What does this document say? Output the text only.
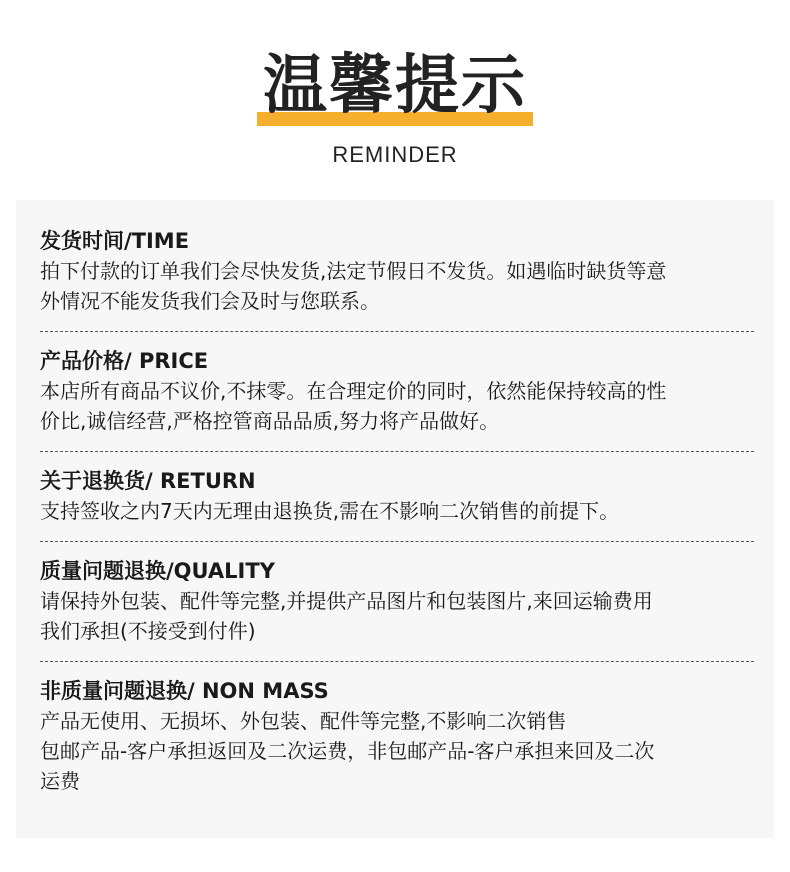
温馨提示
REMINDER
发货时间/TIME
拍下付款的订单我们会尽快发货,法定节假日不发货。如遇临时缺货等意
外情况不能发货我们会及时与您联系。
产品价格/ PRICE
本店所有商品不议价,不抹零。在合理定价的同时，依然能保持较高的性
价比,诚信经营,严格控管商品品质,努力将产品做好。
关于退换货/ RETURN
支持签收之内7天内无理由退换货,需在不影响二次销售的前提下。
质量问题退换/QUALITY
请保持外包装、配件等完整,并提供产品图片和包装图片,来回运输费用
我们承担(不接受到付件)
非质量问题退换/ NON MASS
产品无使用、无损坏、外包装、配件等完整,不影响二次销售
包邮产品-客户承担返回及二次运费，非包邮产品-客户承担来回及二次
运费
